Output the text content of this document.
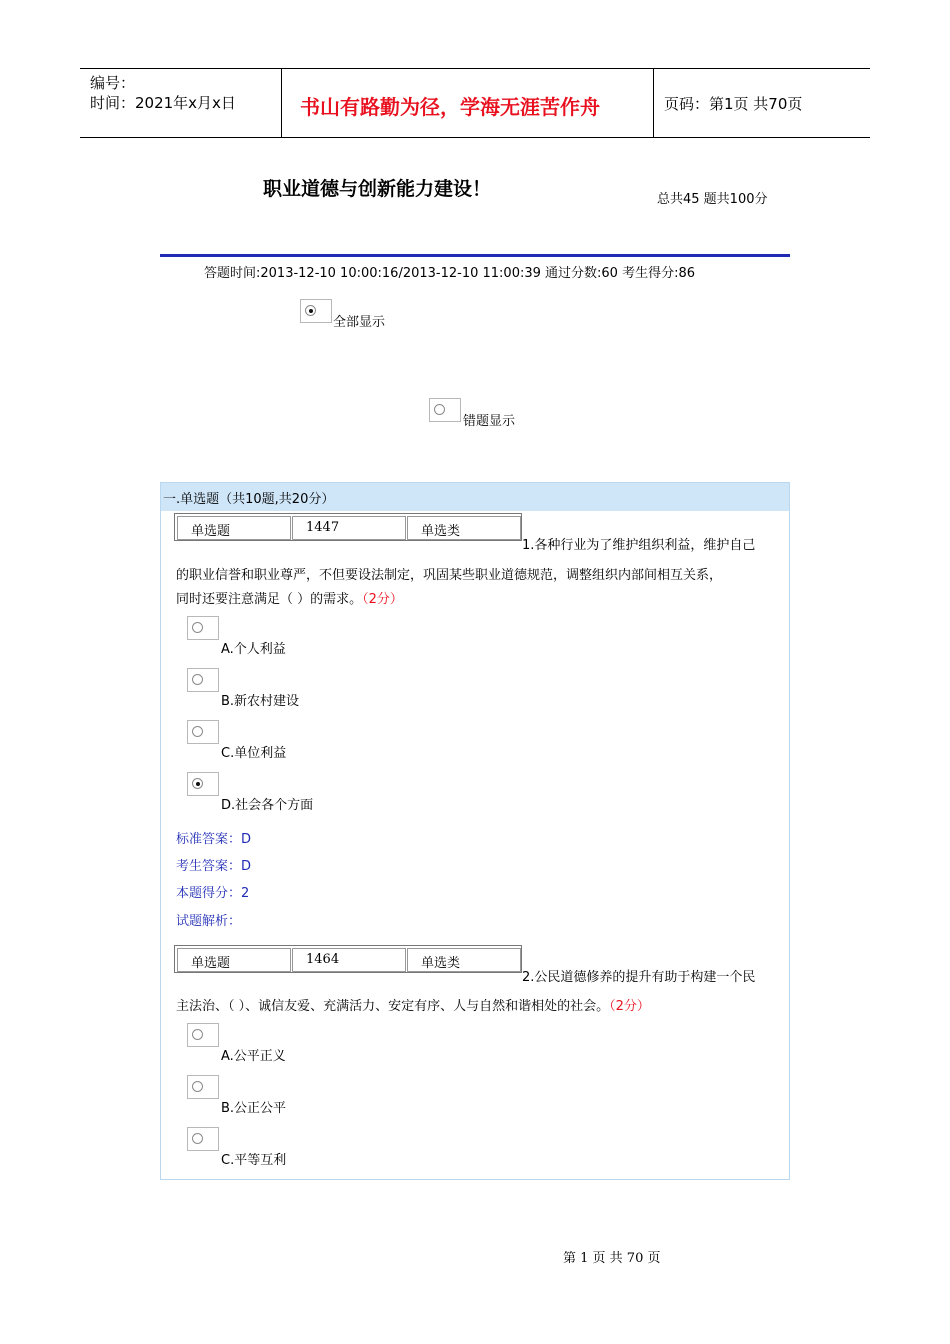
编号：
时间：2021年x月x日	书山有路勤为径，学海无涯苦作舟	页码：第1页 共70页
职业道德与创新能力建设！	总共45 题共100分
答题时间:2013-12-10 10:00:16/2013-12-10 11:00:39 通过分数:60 考生得分:86
全部显示
错题显示
一.单选题（共10题,共20分）
单选题	1447	单选类
1.各种行业为了维护组织利益，维护自己
的职业信誉和职业尊严，不但要设法制定，巩固某些职业道德规范，调整组织内部间相互关系，
同时还要注意满足（ ）的需求。（2分）
A.个人利益
B.新农村建设
C.单位利益
D.社会各个方面
标准答案：D
考生答案：D
本题得分：2
试题解析：
单选题	1464	单选类
2.公民道德修养的提升有助于构建一个民
主法治、（ ）、诚信友爱、充满活力、安定有序、人与自然和谐相处的社会。（2分）
A.公平正义
B.公正公平
C.平等互利
第 1 页 共 70 页
